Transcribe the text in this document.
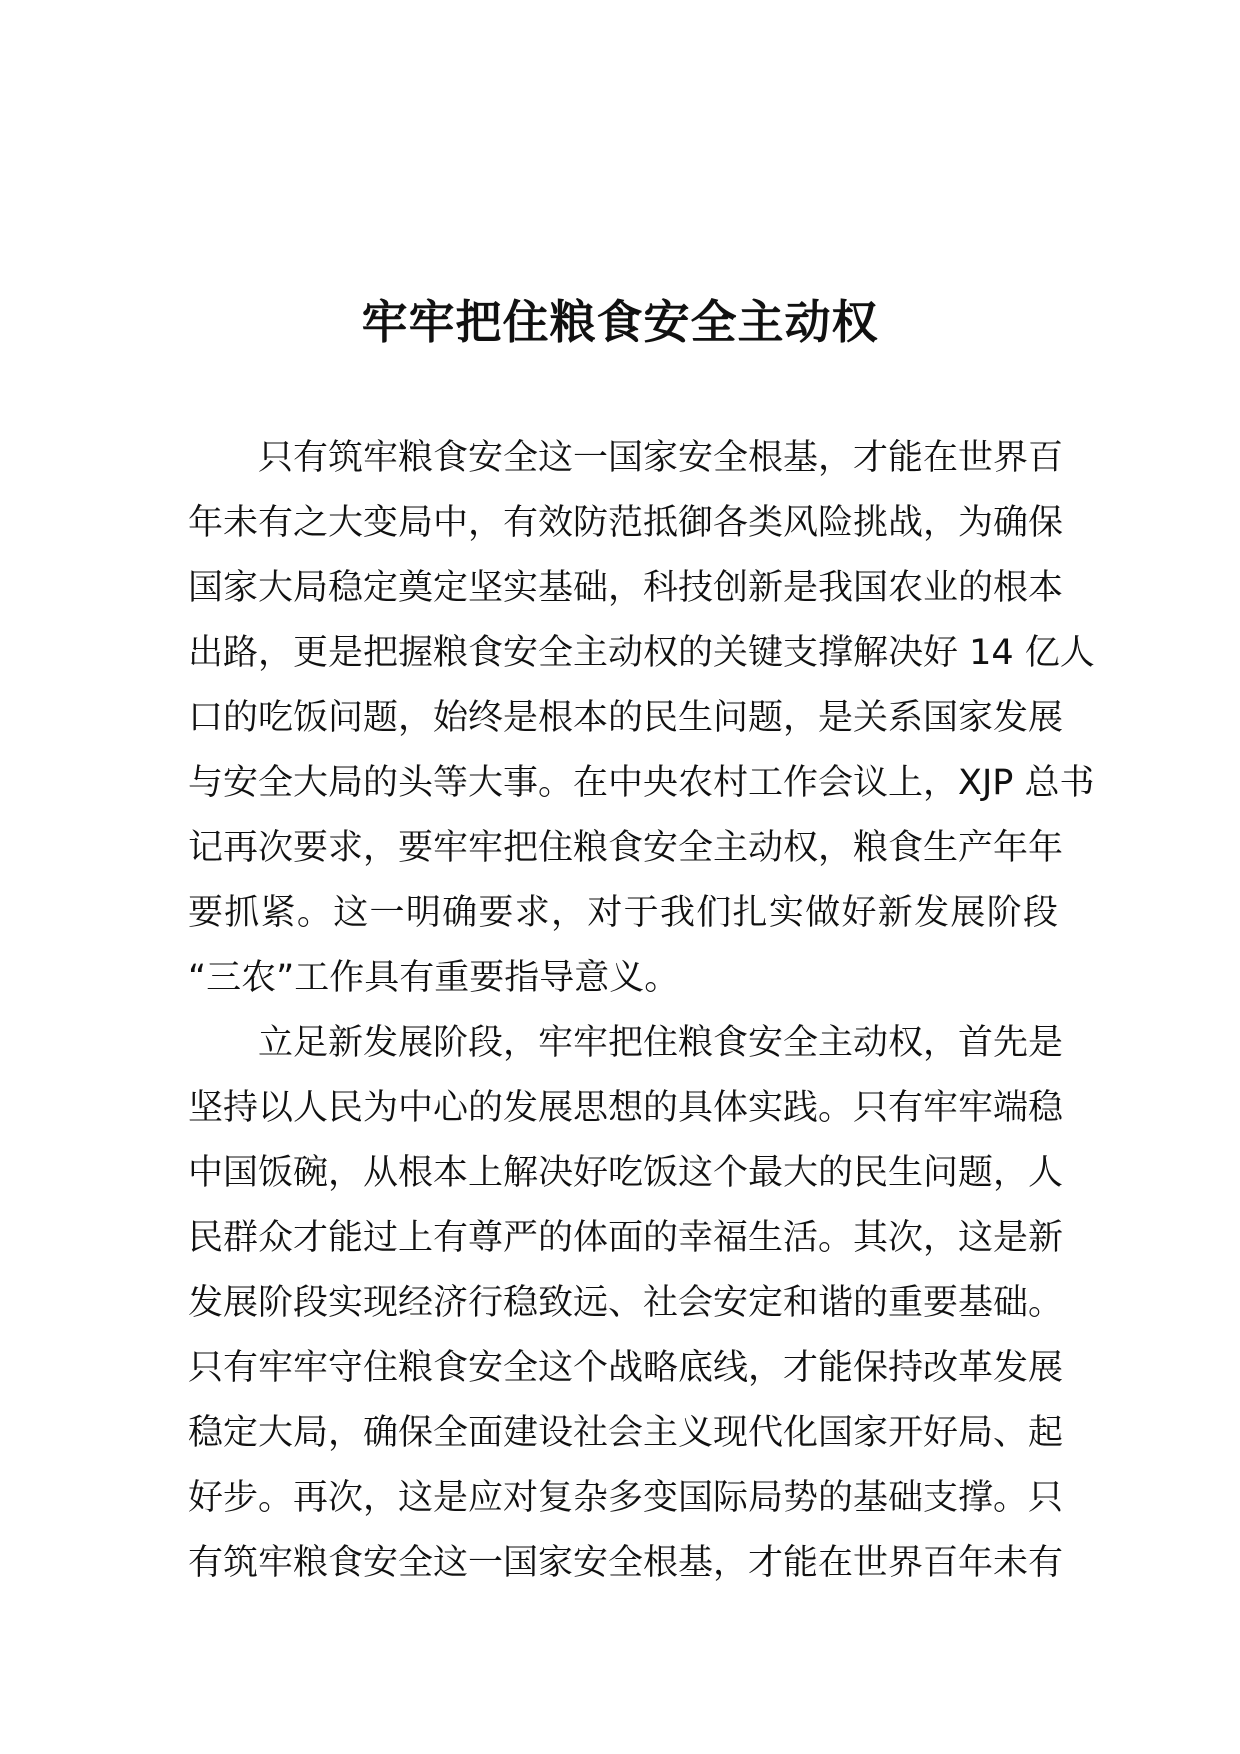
牢牢把住粮食安全主动权
只有筑牢粮食安全这一国家安全根基，才能在世界百
年未有之大变局中，有效防范抵御各类风险挑战，为确保
国家大局稳定奠定坚实基础，科技创新是我国农业的根本
出路，更是把握粮食安全主动权的关键支撑解决好 14 亿人
口的吃饭问题，始终是根本的民生问题，是关系国家发展
与安全大局的头等大事。在中央农村工作会议上，XJP 总书
记再次要求，要牢牢把住粮食安全主动权，粮食生产年年
要抓紧。这一明确要求，对于我们扎实做好新发展阶段
“三农”工作具有重要指导意义。
立足新发展阶段，牢牢把住粮食安全主动权，首先是
坚持以人民为中心的发展思想的具体实践。只有牢牢端稳
中国饭碗，从根本上解决好吃饭这个最大的民生问题，人
民群众才能过上有尊严的体面的幸福生活。其次，这是新
发展阶段实现经济行稳致远、社会安定和谐的重要基础。
只有牢牢守住粮食安全这个战略底线，才能保持改革发展
稳定大局，确保全面建设社会主义现代化国家开好局、起
好步。再次，这是应对复杂多变国际局势的基础支撑。只
有筑牢粮食安全这一国家安全根基，才能在世界百年未有
